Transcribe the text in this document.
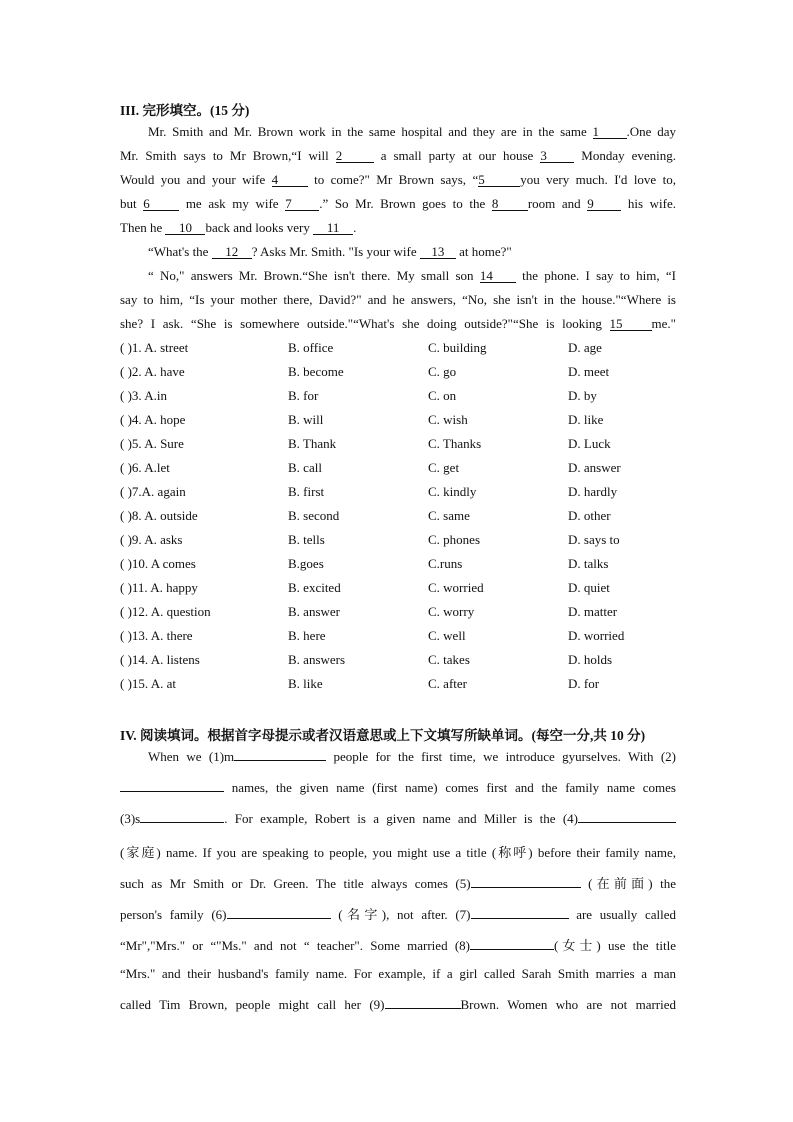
III. 完形填空。(15 分)
Mr. Smith and Mr. Brown work in the same hospital and they are in the same 1 .One day
Mr. Smith says to Mr Brown,“I will 2 a small party at our house 3 Monday evening.
Would you and your wife 4 to come?" Mr Brown says, “5	you very much. I'd love to,
but 6 me ask my wife 7 .” So Mr. Brown goes to the 8 room and 9 his wife.
Then he 10 back and looks very 11 .
“What's the 12 ? Asks Mr. Smith. "Is your wife 13 at home?"
“ No," answers Mr. Brown.“She isn't there. My small son 14 the phone. I say to him, “I
say to him, “Is your mother there, David?" and he answers, “No, she isn't in the house."“Where is
she? I ask. “She is somewhere outside."“What's she doing outside?"“She is looking 15 me."
( )1. A. street	B. office	C. building	D. age
( )2. A. have	B. become	C. go	D. meet
( )3. A.in	B. for	C. on	D. by
( )4. A. hope	B. will	C. wish	D. like
( )5. A. Sure	B. Thank	C. Thanks	D. Luck
( )6. A.let	B. call	C. get	D. answer
( )7.A. again	B. first	C. kindly	D. hardly
( )8. A. outside	B. second	C. same	D. other
( )9. A. asks	B. tells	C. phones	D. says to
( )10. A comes	B.goes	C.runs	D. talks
( )11. A. happy	B. excited	C. worried	D. quiet
( )12. A. question	B. answer	C. worry	D. matter
( )13. A. there	B. here	C. well	D. worried
( )14. A. listens	B. answers	C. takes	D. holds
( )15. A. at	B. like	C. after	D. for
IV. 阅读填词。根据首字母提示或者汉语意思或上下文填写所缺单词。(每空一分,共 10 分)
When we (1)m	people for the first time, we introduce gyurselves. With (2)
names, the given name (first name) comes first and the family name comes
(3)s	. For example, Robert is a given name and Miller is the (4)
(家庭) name. If you are speaking to people, you might use a title (称呼) before their family name,
such as Mr Smith or Dr. Green. The title always comes (5)	(在前面) the
person's family (6)	(名字), not after. (7)	are usually called
“Mr","Mrs." or “"Ms." and not “ teacher". Some married (8)	(女士) use the title
“Mrs." and their husband's family name. For example, if a girl called Sarah Smith marries a man
called Tim Brown, people might call her (9)	Brown. Women who are not married
